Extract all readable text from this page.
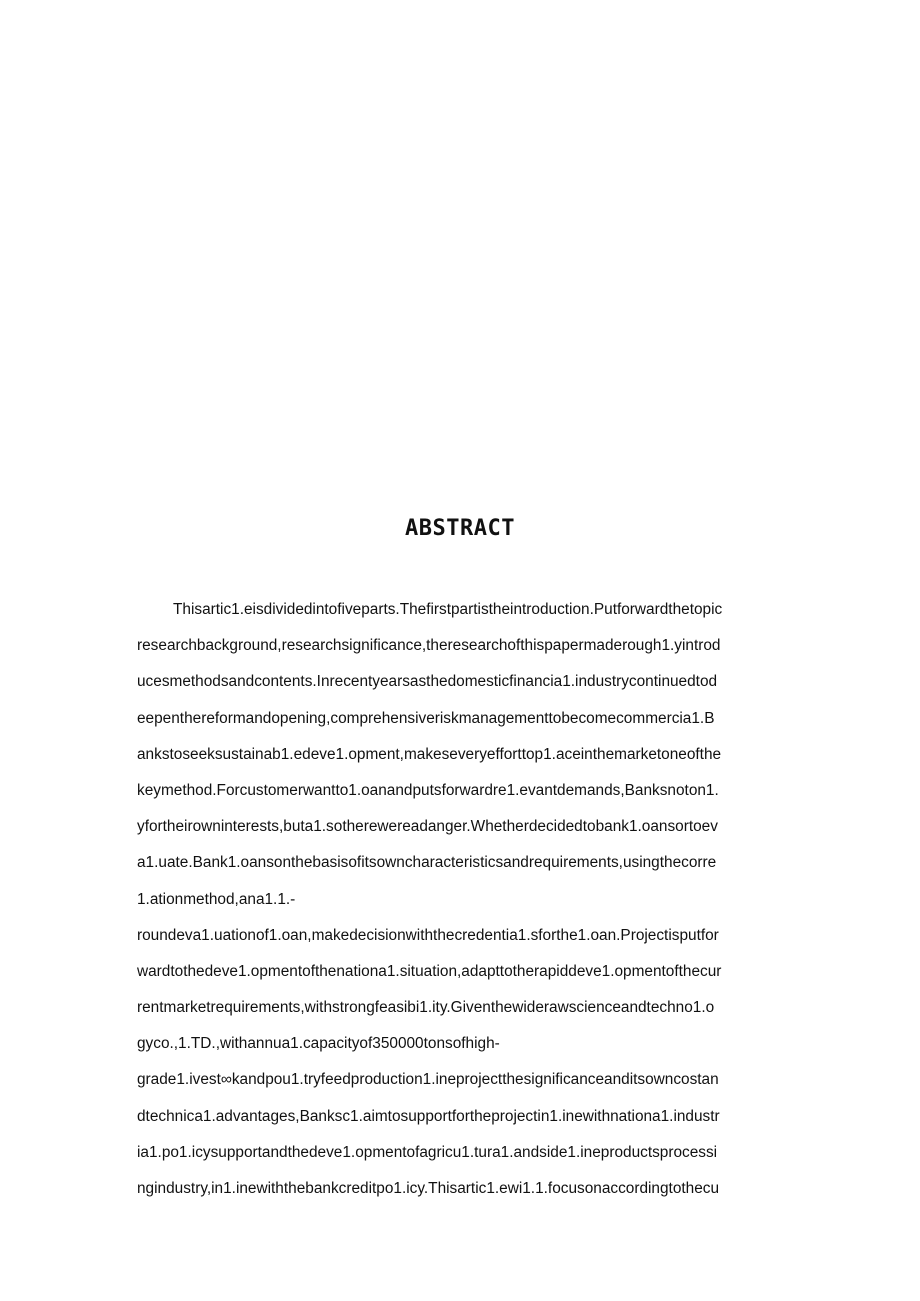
ABSTRACT
Thisartic1.eisdividedintofiveparts.Thefirstpartistheintroduction.Putforwardthetopic
researchbackground,researchsignificance,theresearchofthispapermaderough1.yintrod
ucesmethodsandcontents.Inrecentyearsasthedomesticfinancia1.industrycontinuedtod
eepenthereformandopening,comprehensiveriskmanagementtobecomecommercia1.B
ankstoseeksustainab1.edeve1.opment,makeseveryefforttop1.aceinthemarketoneofthe
keymethod.Forcustomerwantto1.oanandputsforwardre1.evantdemands,Banksnoton1.
yfortheirowninterests,buta1.sotherewereadanger.Whetherdecidedtobank1.oansortoev
a1.uate.Bank1.oansonthebasisofitsowncharacteristicsandrequirements,usingthecorre
1.ationmethod,ana1.1.-
roundeva1.uationof1.oan,makedecisionwiththecredentia1.sforthe1.oan.Projectisputfor
wardtothedeve1.opmentofthenationa1.situation,adapttotherapiddeve1.opmentofthecur
rentmarketrequirements,withstrongfeasibi1.ity.Giventhewiderawscienceandtechno1.o
gyco.,1.TD.,withannua1.capacityof350000tonsofhigh-
grade1.ivest∞kandpou1.tryfeedproduction1.ineprojectthesignificanceanditsowncostan
dtechnica1.advantages,Banksc1.aimtosupportfortheprojectin1.inewithnationa1.industr
ia1.po1.icysupportandthedeve1.opmentofagricu1.tura1.andside1.ineproductsprocessi
ngindustry,in1.inewiththebankcreditpo1.icy.Thisartic1.ewi1.1.focusonaccordingtothecu
